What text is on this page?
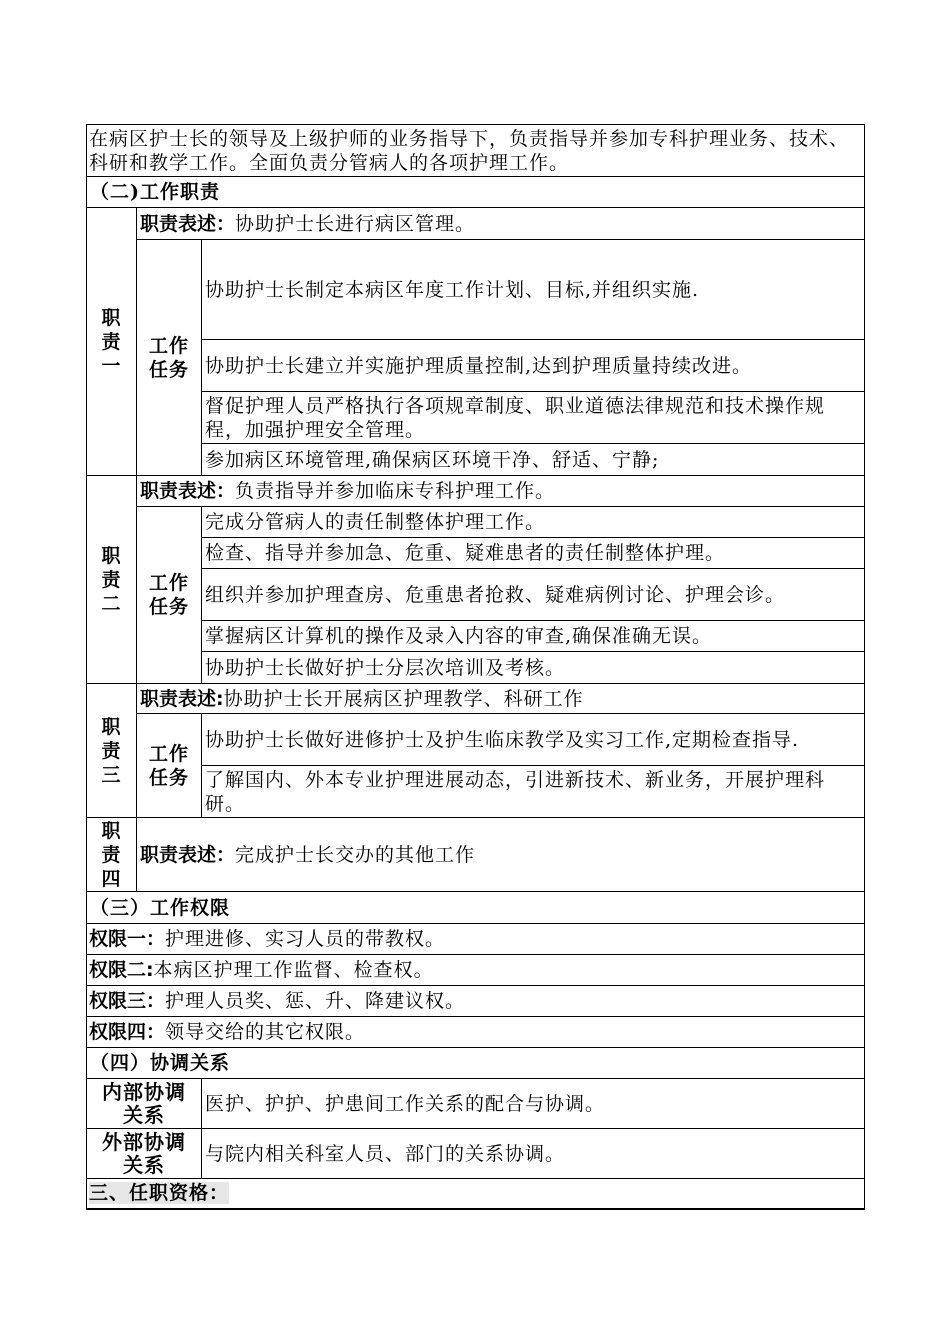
在病区护士长的领导及上级护师的业务指导下，负责指导并参加专科护理业务、技术、科研和教学工作。全面负责分管病人的各项护理工作。		
（二)工作职责		
职责一	职责表述：协助护士长进行病区管理。	
	工作任务	协助护士长制定本病区年度工作计划、目标,并组织实施.
		协助护士长建立并实施护理质量控制,达到护理质量持续改进。
		督促护理人员严格执行各项规章制度、职业道德法律规范和技术操作规程，加强护理安全管理。
		参加病区环境管理,确保病区环境干净、舒适、宁静;
职责二	职责表述：负责指导并参加临床专科护理工作。	
	工作任务	完成分管病人的责任制整体护理工作。
		检查、指导并参加急、危重、疑难患者的责任制整体护理。
		组织并参加护理查房、危重患者抢救、疑难病例讨论、护理会诊。
		掌握病区计算机的操作及录入内容的审查,确保准确无误。
		协助护士长做好护士分层次培训及考核。
职责三	职责表述:协助护士长开展病区护理教学、科研工作	
	工作任务	协助护士长做好进修护士及护生临床教学及实习工作,定期检查指导.
		了解国内、外本专业护理进展动态，引进新技术、新业务，开展护理科研。
职责四	职责表述：完成护士长交办的其他工作	
（三）工作权限		
权限一：护理进修、实习人员的带教权。		
权限二:本病区护理工作监督、检查权。		
权限三：护理人员奖、惩、升、降建议权。		
权限四：领导交给的其它权限。		
（四）协调关系		
内部协调关系		医护、护护、护患间工作关系的配合与协调。
外部协调关系		与院内相关科室人员、部门的关系协调。
三、任职资格：		
